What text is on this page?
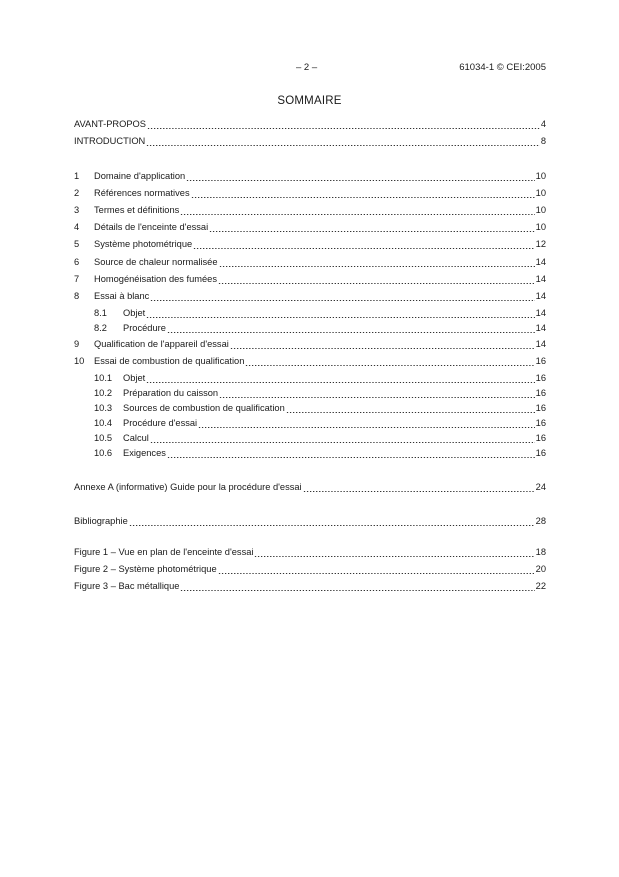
– 2 –	61034-1 © CEI:2005
SOMMAIRE
AVANT-PROPOS	4
INTRODUCTION	8
1	Domaine d'application	10
2	Références normatives	10
3	Termes et définitions	10
4	Détails de l'enceinte d'essai	10
5	Système photométrique	12
6	Source de chaleur normalisée	14
7	Homogénéisation des fumées	14
8	Essai à blanc	14
8.1	Objet	14
8.2	Procédure	14
9	Qualification de l'appareil d'essai	14
10	Essai de combustion de qualification	16
10.1	Objet	16
10.2	Préparation du caisson	16
10.3	Sources de combustion de qualification	16
10.4	Procédure d'essai	16
10.5	Calcul	16
10.6	Exigences	16
Annexe A (informative) Guide pour la procédure d'essai	24
Bibliographie	28
Figure 1 – Vue en plan de l'enceinte d'essai	18
Figure 2 – Système photométrique	20
Figure 3 – Bac métallique	22
